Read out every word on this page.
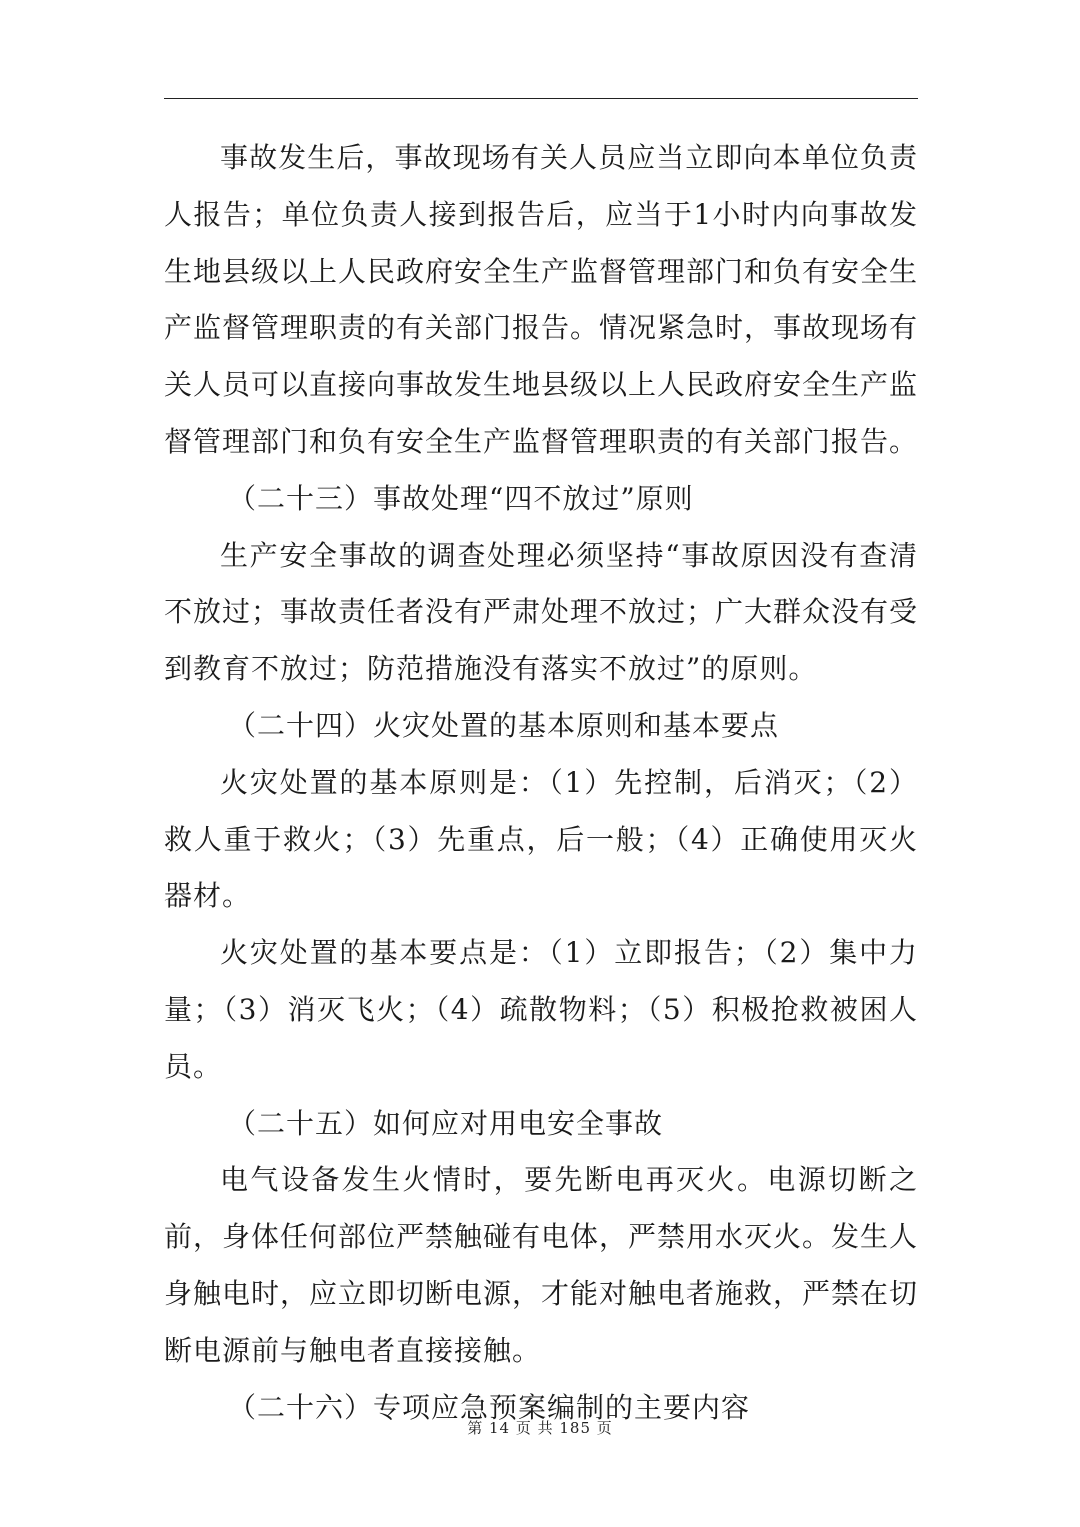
事故发生后，事故现场有关人员应当立即向本单位负责人报告；单位负责人接到报告后，应当于1小时内向事故发生地县级以上人民政府安全生产监督管理部门和负有安全生产监督管理职责的有关部门报告。情况紧急时，事故现场有关人员可以直接向事故发生地县级以上人民政府安全生产监督管理部门和负有安全生产监督管理职责的有关部门报告。

（二十三）事故处理“四不放过”原则

生产安全事故的调查处理必须坚持“事故原因没有查清不放过；事故责任者没有严肃处理不放过；广大群众没有受到教育不放过；防范措施没有落实不放过”的原则。

（二十四）火灾处置的基本原则和基本要点

火灾处置的基本原则是：（1）先控制，后消灭；（2）救人重于救火；（3）先重点，后一般；（4）正确使用灭火器材。

火灾处置的基本要点是：（1）立即报告；（2）集中力量；（3）消灭飞火；（4）疏散物料；（5）积极抢救被困人员。

（二十五）如何应对用电安全事故

电气设备发生火情时，要先断电再灭火。电源切断之前，身体任何部位严禁触碰有电体，严禁用水灭火。发生人身触电时，应立即切断电源，才能对触电者施救，严禁在切断电源前与触电者直接接触。

（二十六）专项应急预案编制的主要内容

第 14 页 共 185 页
